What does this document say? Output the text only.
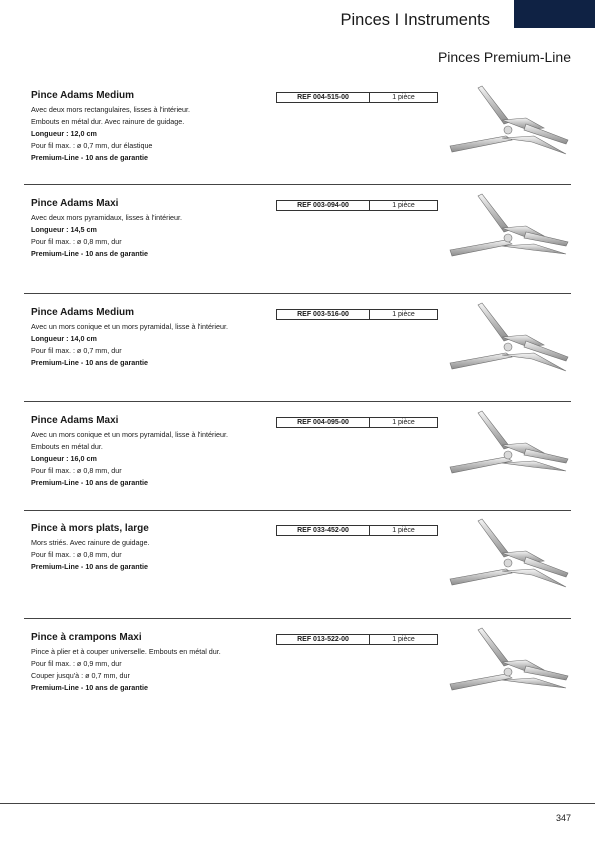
Pinces I Instruments
Pinces Premium-Line
Pince Adams Medium
Avec deux mors rectangulaires, lisses à l'intérieur.
Embouts en métal dur. Avec rainure de guidage.
Longueur : 12,0 cm
Pour fil max. : ø 0,7 mm, dur élastique
Premium-Line - 10 ans de garantie
REF 004-515-00	1 pièce
Pince Adams Maxi
Avec deux mors pyramidaux, lisses à l'intérieur.
Longueur : 14,5 cm
Pour fil max. : ø 0,8 mm, dur
Premium-Line - 10 ans de garantie
REF 003-094-00	1 pièce
Pince Adams Medium
Avec un mors conique et un mors pyramidal, lisse à l'intérieur.
Longueur : 14,0 cm
Pour fil max. : ø 0,7 mm, dur
Premium-Line - 10 ans de garantie
REF 003-516-00	1 pièce
Pince Adams Maxi
Avec un mors conique et un mors pyramidal, lisse à l'intérieur.
Embouts en métal dur.
Longueur : 16,0 cm
Pour fil max. : ø 0,8 mm, dur
Premium-Line - 10 ans de garantie
REF 004-095-00	1 pièce
Pince à mors plats, large
Mors striés. Avec rainure de guidage.
Pour fil max. : ø 0,8 mm, dur
Premium-Line - 10 ans de garantie
REF 033-452-00	1 pièce
Pince à crampons Maxi
Pince à plier et à couper universelle. Embouts en métal dur.
Pour fil max. : ø 0,9 mm, dur
Couper jusqu'à : ø 0,7 mm, dur
Premium-Line - 10 ans de garantie
REF 013-522-00	1 pièce
347
